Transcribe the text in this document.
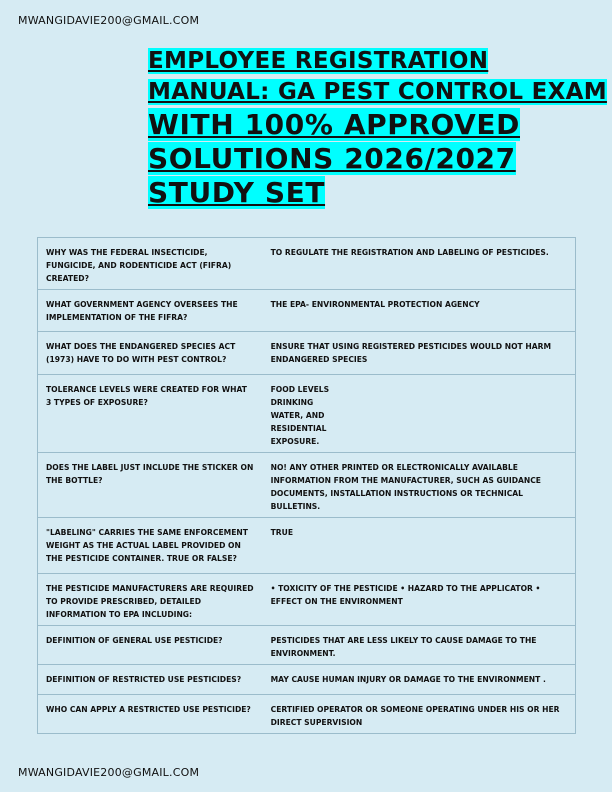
MWANGIDAVIE200@GMAIL.COM
EMPLOYEE REGISTRATION
MANUAL: GA PEST CONTROL EXAM
WITH 100% APPROVED
SOLUTIONS 2026/2027
STUDY SET
WHY WAS THE FEDERAL INSECTICIDE, FUNGICIDE, AND RODENTICIDE ACT (FIFRA) CREATED?	TO REGULATE THE REGISTRATION AND LABELING OF PESTICIDES.
WHAT GOVERNMENT AGENCY OVERSEES THE IMPLEMENTATION OF THE FIFRA?	THE EPA- ENVIRONMENTAL PROTECTION AGENCY
WHAT DOES THE ENDANGERED SPECIES ACT (1973) HAVE TO DO WITH PEST CONTROL?	ENSURE THAT USING REGISTERED PESTICIDES WOULD NOT HARM ENDANGERED SPECIES
TOLERANCE LEVELS WERE CREATED FOR WHAT 3 TYPES OF EXPOSURE?	FOOD LEVELS
DRINKING
WATER, AND
RESIDENTIAL
EXPOSURE.

DOES THE LABEL JUST INCLUDE THE STICKER ON THE BOTTLE?	NO! ANY OTHER PRINTED OR ELECTRONICALLY AVAILABLE INFORMATION FROM THE MANUFACTURER, SUCH AS GUIDANCE DOCUMENTS, INSTALLATION INSTRUCTIONS OR TECHNICAL BULLETINS.
"LABELING" CARRIES THE SAME ENFORCEMENT WEIGHT AS THE ACTUAL LABEL PROVIDED ON THE PESTICIDE CONTAINER. TRUE OR FALSE?	TRUE
THE PESTICIDE MANUFACTURERS ARE REQUIRED TO PROVIDE PRESCRIBED, DETAILED INFORMATION TO EPA INCLUDING:	• TOXICITY OF THE PESTICIDE • HAZARD TO THE APPLICATOR • EFFECT ON THE ENVIRONMENT
DEFINITION OF GENERAL USE PESTICIDE?	PESTICIDES THAT ARE LESS LIKELY TO CAUSE DAMAGE TO THE ENVIRONMENT.
DEFINITION OF RESTRICTED USE PESTICIDES?	MAY CAUSE HUMAN INJURY OR DAMAGE TO THE ENVIRONMENT .
WHO CAN APPLY A RESTRICTED USE PESTICIDE?	CERTIFIED OPERATOR OR SOMEONE OPERATING UNDER HIS OR HER DIRECT SUPERVISION
MWANGIDAVIE200@GMAIL.COM
